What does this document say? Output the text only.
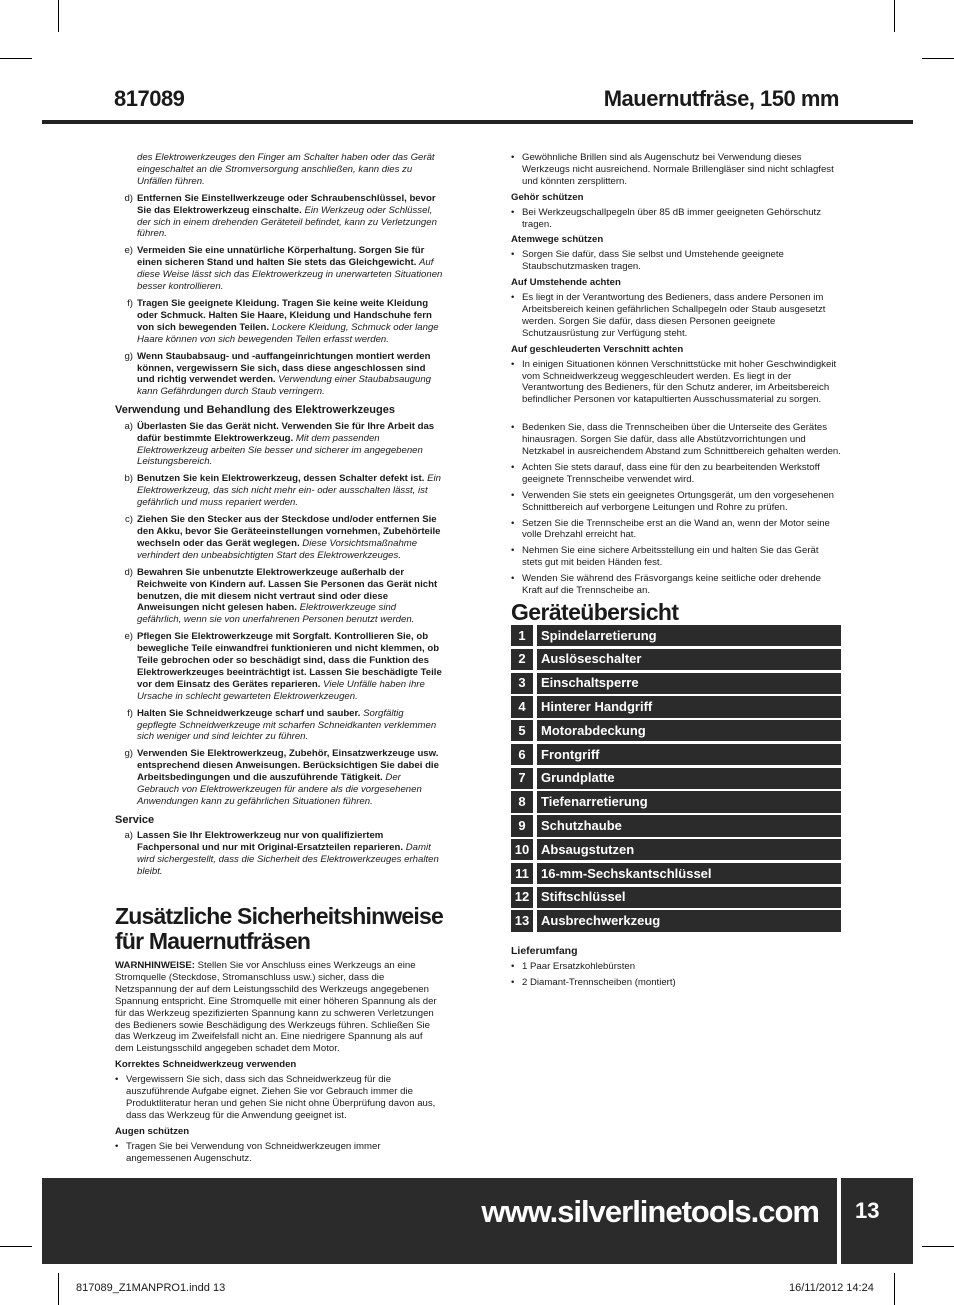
817089	Mauernutfräse, 150 mm
des Elektrowerkzeuges den Finger am Schalter haben oder das Gerät eingeschaltet an die Stromversorgung anschließen, kann dies zu Unfällen führen.
d) Entfernen Sie Einstellwerkzeuge oder Schraubenschlüssel, bevor Sie das Elektrowerkzeug einschalte. Ein Werkzeug oder Schlüssel, der sich in einem drehenden Geräteteil befindet, kann zu Verletzungen führen.
e) Vermeiden Sie eine unnatürliche Körperhaltung. Sorgen Sie für einen sicheren Stand und halten Sie stets das Gleichgewicht. Auf diese Weise lässt sich das Elektrowerkzeug in unerwarteten Situationen besser kontrollieren.
f) Tragen Sie geeignete Kleidung. Tragen Sie keine weite Kleidung oder Schmuck. Halten Sie Haare, Kleidung und Handschuhe fern von sich bewegenden Teilen. Lockere Kleidung, Schmuck oder lange Haare können von sich bewegenden Teilen erfasst werden.
g) Wenn Staubabsaug- und -auffangeinrichtungen montiert werden können, vergewissern Sie sich, dass diese angeschlossen sind und richtig verwendet werden. Verwendung einer Staubabsaugung kann Gefährdungen durch Staub verringern.
Verwendung und Behandlung des Elektrowerkzeuges
a) Überlasten Sie das Gerät nicht. Verwenden Sie für Ihre Arbeit das dafür bestimmte Elektrowerkzeug. Mit dem passenden Elektrowerkzeug arbeiten Sie besser und sicherer im angegebenen Leistungsbereich.
b) Benutzen Sie kein Elektrowerkzeug, dessen Schalter defekt ist. Ein Elektrowerkzeug, das sich nicht mehr ein- oder ausschalten lässt, ist gefährlich und muss repariert werden.
c) Ziehen Sie den Stecker aus der Steckdose und/oder entfernen Sie den Akku, bevor Sie Geräteeinstellungen vornehmen, Zubehörteile wechseln oder das Gerät weglegen. Diese Vorsichtsmaßnahme verhindert den unbeabsichtigten Start des Elektrowerkzeuges.
d) Bewahren Sie unbenutzte Elektrowerkzeuge außerhalb der Reichweite von Kindern auf. Lassen Sie Personen das Gerät nicht benutzen, die mit diesem nicht vertraut sind oder diese Anweisungen nicht gelesen haben. Elektrowerkzeuge sind gefährlich, wenn sie von unerfahrenen Personen benutzt werden.
e) Pflegen Sie Elektrowerkzeuge mit Sorgfalt. Kontrollieren Sie, ob bewegliche Teile einwandfrei funktionieren und nicht klemmen, ob Teile gebrochen oder so beschädigt sind, dass die Funktion des Elektrowerkzeuges beeinträchtigt ist. Lassen Sie beschädigte Teile vor dem Einsatz des Gerätes reparieren. Viele Unfälle haben ihre Ursache in schlecht gewarteten Elektrowerkzeugen.
f) Halten Sie Schneidwerkzeuge scharf und sauber. Sorgfältig gepflegte Schneidwerkzeuge mit scharfen Schneidkanten verklemmen sich weniger und sind leichter zu führen.
g) Verwenden Sie Elektrowerkzeug, Zubehör, Einsatzwerkzeuge usw. entsprechend diesen Anweisungen. Berücksichtigen Sie dabei die Arbeitsbedingungen und die auszuführende Tätigkeit. Der Gebrauch von Elektrowerkzeugen für andere als die vorgesehenen Anwendungen kann zu gefährlichen Situationen führen.
Service
a) Lassen Sie Ihr Elektrowerkzeug nur von qualifiziertem Fachpersonal und nur mit Original-Ersatzteilen reparieren. Damit wird sichergestellt, dass die Sicherheit des Elektrowerkzeuges erhalten bleibt.
Zusätzliche Sicherheitshinweise für Mauernutfräsen
WARNHINWEISE: Stellen Sie vor Anschluss eines Werkzeugs an eine Stromquelle (Steckdose, Stromanschluss usw.) sicher, dass die Netzspannung der auf dem Leistungsschild des Werkzeugs angegebenen Spannung entspricht. Eine Stromquelle mit einer höheren Spannung als der für das Werkzeug spezifizierten Spannung kann zu schweren Verletzungen des Bedieners sowie Beschädigung des Werkzeugs führen. Schließen Sie das Werkzeug im Zweifelsfall nicht an. Eine niedrigere Spannung als auf dem Leistungsschild angegeben schadet dem Motor.
Korrektes Schneidwerkzeug verwenden
• Vergewissern Sie sich, dass sich das Schneidwerkzeug für die auszuführende Aufgabe eignet. Ziehen Sie vor Gebrauch immer die Produktliteratur heran und gehen Sie nicht ohne Überprüfung davon aus, dass das Werkzeug für die Anwendung geeignet ist.
Augen schützen
• Tragen Sie bei Verwendung von Schneidwerkzeugen immer angemessenen Augenschutz.
• Gewöhnliche Brillen sind als Augenschutz bei Verwendung dieses Werkzeugs nicht ausreichend. Normale Brillengläser sind nicht schlagfest und könnten zersplittern.
Gehör schützen
• Bei Werkzeugschallpegeln über 85 dB immer geeigneten Gehörschutz tragen.
Atemwege schützen
• Sorgen Sie dafür, dass Sie selbst und Umstehende geeignete Staubschutzmasken tragen.
Auf Umstehende achten
• Es liegt in der Verantwortung des Bedieners, dass andere Personen im Arbeitsbereich keinen gefährlichen Schallpegeln oder Staub ausgesetzt werden. Sorgen Sie dafür, dass diesen Personen geeignete Schutzausrüstung zur Verfügung steht.
Auf geschleuderten Verschnitt achten
• In einigen Situationen können Verschnittstücke mit hoher Geschwindigkeit vom Schneidwerkzeug weggeschleudert werden. Es liegt in der Verantwortung des Bedieners, für den Schutz anderer, im Arbeitsbereich befindlicher Personen vor katapultierten Ausschussmaterial zu sorgen.
• Bedenken Sie, dass die Trennscheiben über die Unterseite des Gerätes hinausragen. Sorgen Sie dafür, dass alle Abstützvorrichtungen und Netzkabel in ausreichendem Abstand zum Schnittbereich gehalten werden.
• Achten Sie stets darauf, dass eine für den zu bearbeitenden Werkstoff geeignete Trennscheibe verwendet wird.
• Verwenden Sie stets ein geeignetes Ortungsgerät, um den vorgesehenen Schnittbereich auf verborgene Leitungen und Rohre zu prüfen.
• Setzen Sie die Trennscheibe erst an die Wand an, wenn der Motor seine volle Drehzahl erreicht hat.
• Nehmen Sie eine sichere Arbeitsstellung ein und halten Sie das Gerät stets gut mit beiden Händen fest.
• Wenden Sie während des Fräsvorgangs keine seitliche oder drehende Kraft auf die Trennscheibe an.
Geräteübersicht
1	Spindelarretierung
2	Auslöseschalter
3	Einschaltsperre
4	Hinterer Handgriff
5	Motorabdeckung
6	Frontgriff
7	Grundplatte
8	Tiefenarretierung
9	Schutzhaube
10 Absaugstutzen
11 16-mm-Sechskantschlüssel
12 Stiftschlüssel
13 Ausbrechwerkzeug
Lieferumfang
• 1 Paar Ersatzkohlebürsten
• 2 Diamant-Trennscheiben (montiert)
www.silverlinetools.com 13
817089_Z1MANPRO1.indd 13	16/11/2012 14:24
